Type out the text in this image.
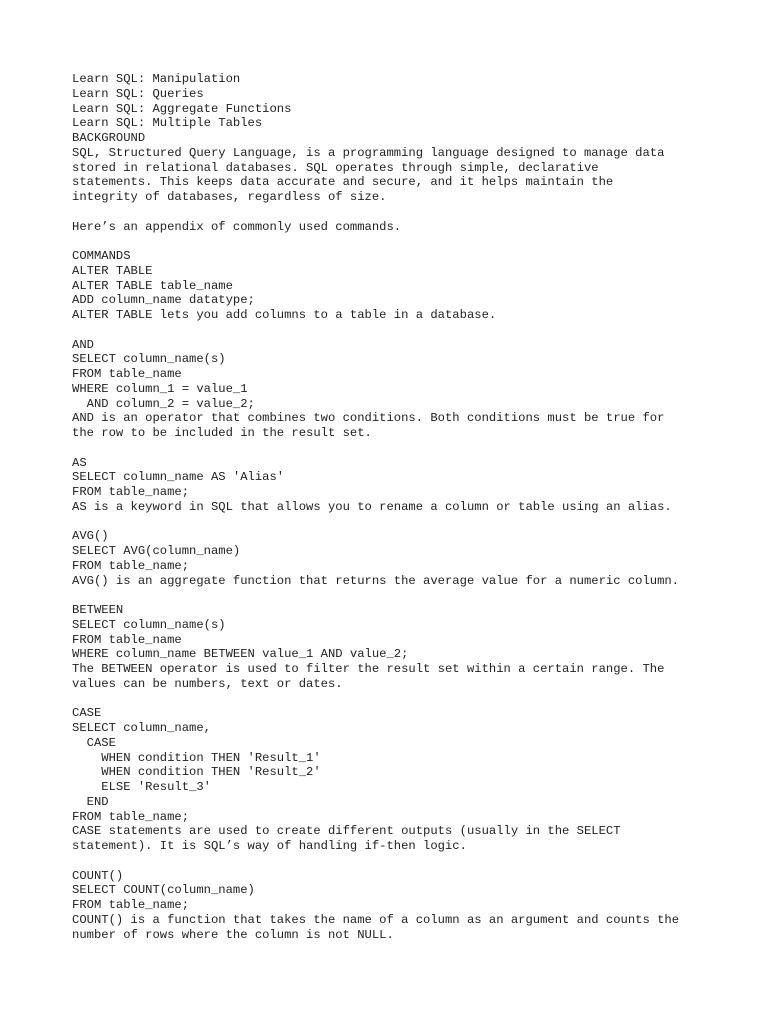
Learn SQL: Manipulation
Learn SQL: Queries
Learn SQL: Aggregate Functions
Learn SQL: Multiple Tables
BACKGROUND
SQL, Structured Query Language, is a programming language designed to manage data
stored in relational databases. SQL operates through simple, declarative
statements. This keeps data accurate and secure, and it helps maintain the
integrity of databases, regardless of size.
Here’s an appendix of commonly used commands.
COMMANDS
ALTER TABLE
ALTER TABLE table_name
ADD column_name datatype;
ALTER TABLE lets you add columns to a table in a database.
AND
SELECT column_name(s)
FROM table_name
WHERE column_1 = value_1
AND column_2 = value_2;
AND is an operator that combines two conditions. Both conditions must be true for
the row to be included in the result set.
AS
SELECT column_name AS 'Alias'
FROM table_name;
AS is a keyword in SQL that allows you to rename a column or table using an alias.
AVG()
SELECT AVG(column_name)
FROM table_name;
AVG() is an aggregate function that returns the average value for a numeric column.
BETWEEN
SELECT column_name(s)
FROM table_name
WHERE column_name BETWEEN value_1 AND value_2;
The BETWEEN operator is used to filter the result set within a certain range. The
values can be numbers, text or dates.
CASE
SELECT column_name,
CASE
WHEN condition THEN 'Result_1'
WHEN condition THEN 'Result_2'
ELSE 'Result_3'
END
FROM table_name;
CASE statements are used to create different outputs (usually in the SELECT
statement). It is SQL’s way of handling if-then logic.
COUNT()
SELECT COUNT(column_name)
FROM table_name;
COUNT() is a function that takes the name of a column as an argument and counts the
number of rows where the column is not NULL.
